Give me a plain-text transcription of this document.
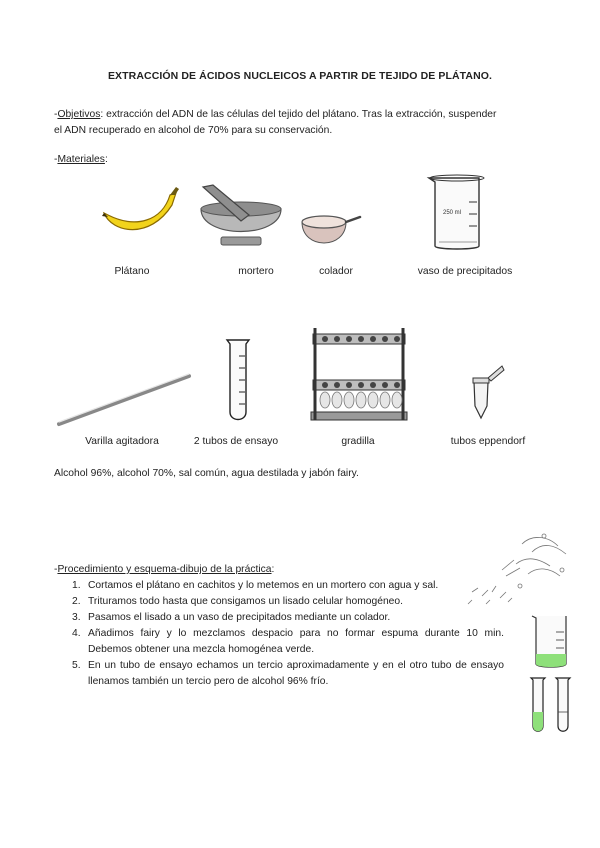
EXTRACCIÓN DE ÁCIDOS NUCLEICOS A PARTIR DE TEJIDO DE PLÁTANO.
-Objetivos: extracción del ADN de las células del tejido del plátano. Tras la extracción, suspender
el ADN recuperado en alcohol de 70% para su conservación.
-Materiales:
250 ml
Plátano	mortero	colador	vaso de precipitados
Varilla agitadora	2 tubos de ensayo	gradilla	tubos eppendorf
Alcohol 96%, alcohol 70%, sal común, agua destilada y jabón fairy.
-Procedimiento y esquema-dibujo de la práctica:
1. Cortamos el plátano en cachitos y lo metemos en un mortero con agua y sal.
2. Trituramos todo hasta que consigamos un lisado celular homogéneo.
3. Pasamos el lisado a un vaso de precipitados mediante un colador.
4. Añadimos fairy y lo mezclamos despacio para no formar espuma durante 10 min. Debemos obtener una mezcla homogénea verde.
5. En un tubo de ensayo echamos un tercio aproximadamente y en el otro tubo de ensayo llenamos también un tercio pero de alcohol 96% frío.
